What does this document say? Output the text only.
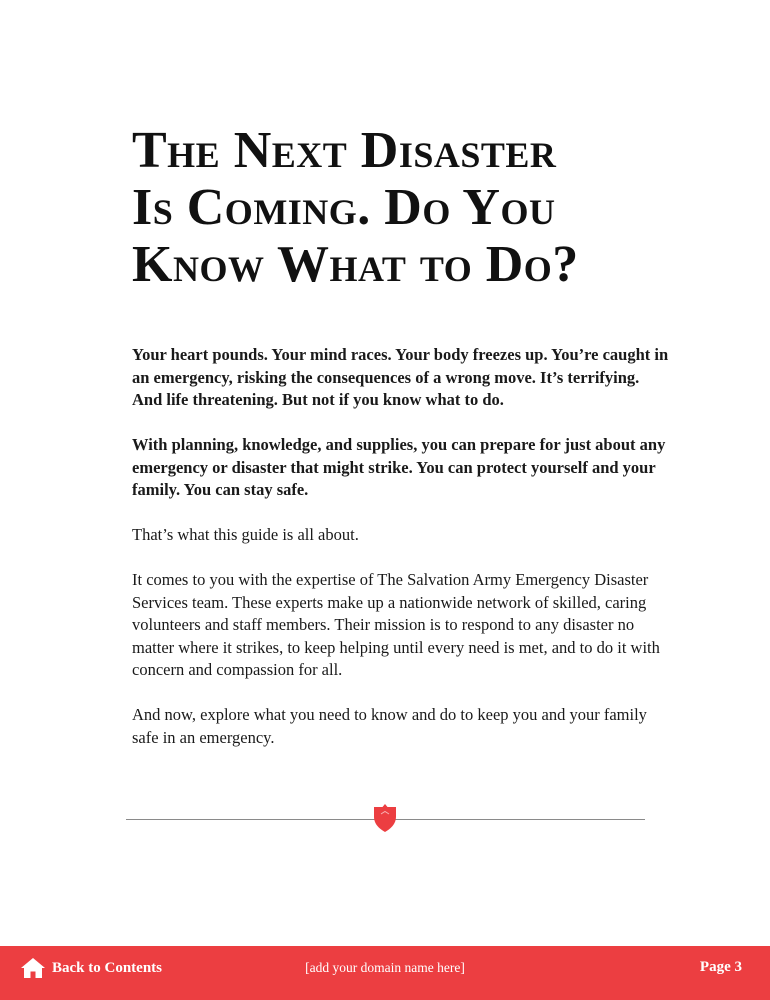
The Next Disaster
Is Coming. Do You
Know What to Do?

Your heart pounds. Your mind races. Your body freezes up. You’re caught in an emergency, risking the consequences of a wrong move. It’s terrifying. And life threatening. But not if you know what to do.

With planning, knowledge, and supplies, you can prepare for just about any emergency or disaster that might strike. You can protect yourself and your family. You can stay safe.

That’s what this guide is all about.

It comes to you with the expertise of The Salvation Army Emergency Disaster Services team. These experts make up a nationwide network of skilled, caring volunteers and staff members. Their mission is to respond to any disaster no matter where it strikes, to keep helping until every need is met, and to do it with concern and compassion for all.

And now, explore what you need to know and do to keep you and your family safe in an emergency.

Back to Contents	[add your domain name here]	Page 3
